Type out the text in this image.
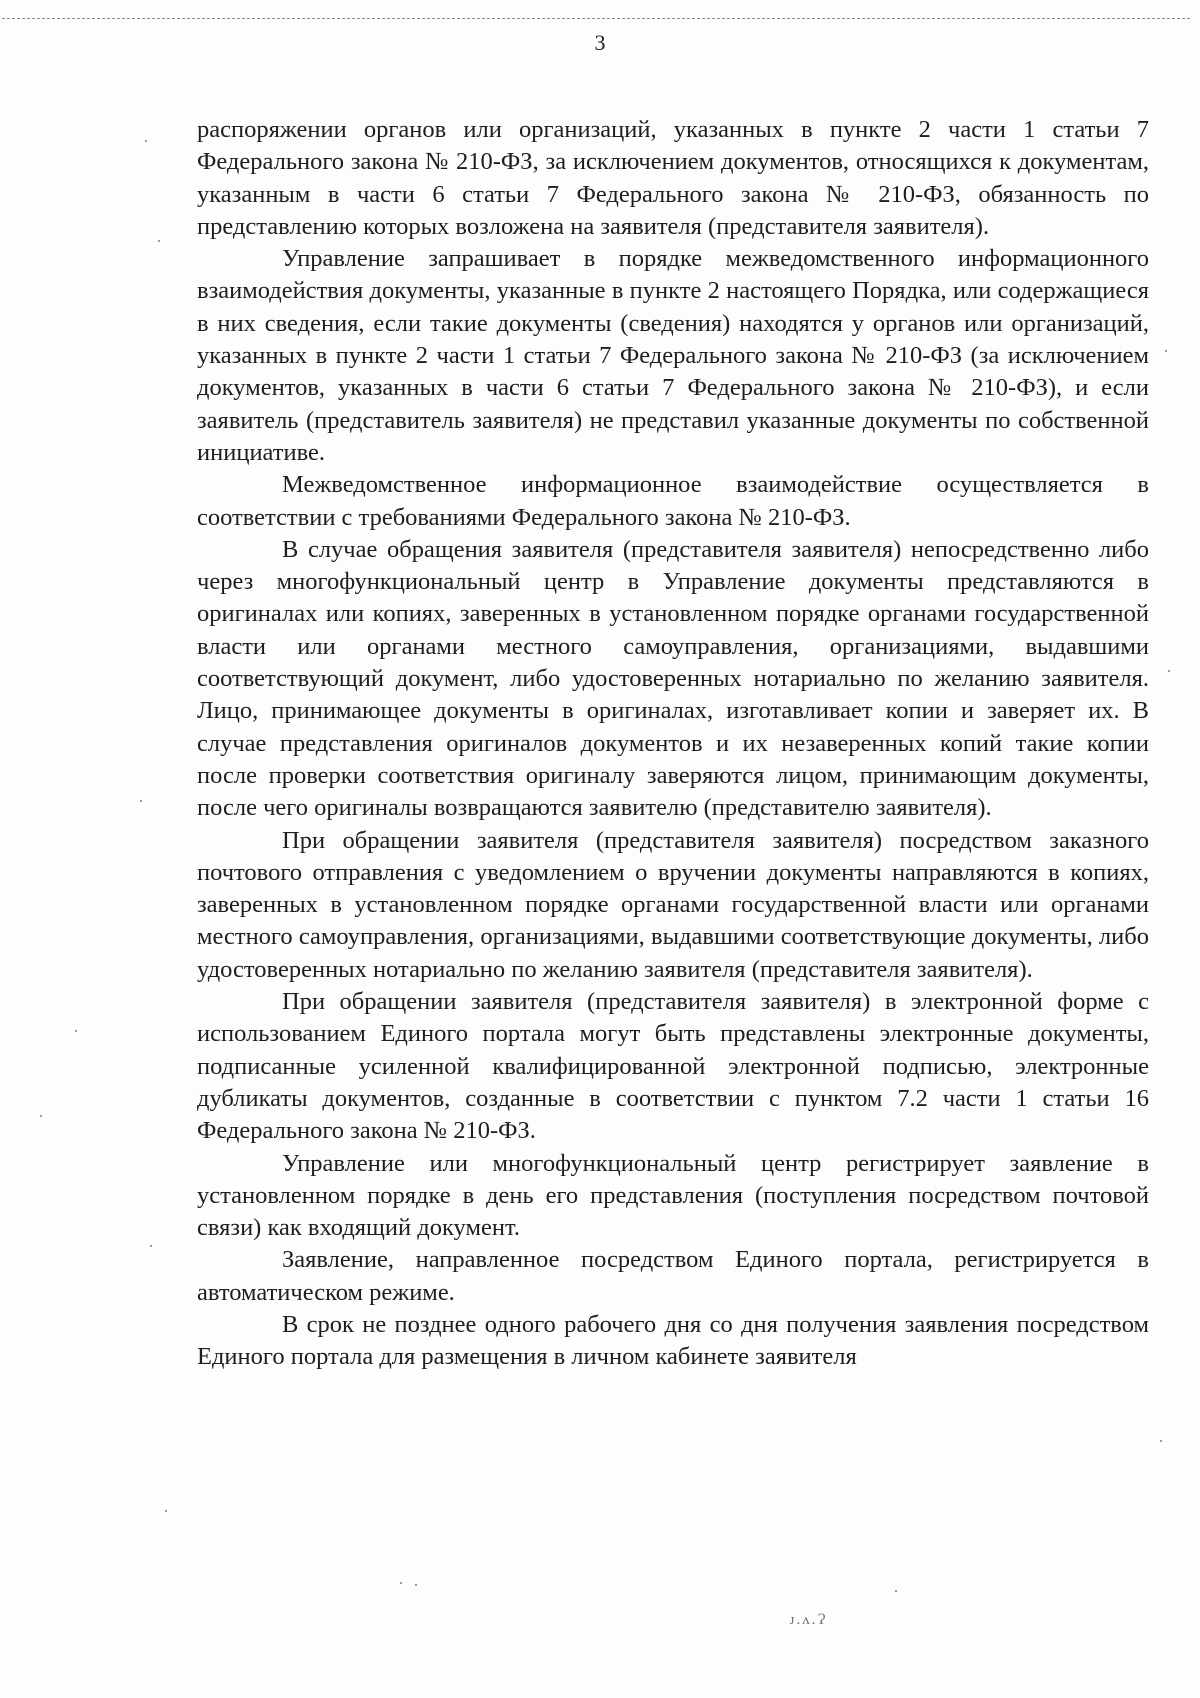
3

распоряжении органов или организаций, указанных в пункте 2 части 1 статьи 7 Федерального закона № 210-ФЗ, за исключением документов, относящихся к документам, указанным в части 6 статьи 7 Федерального закона № 210-ФЗ, обязанность по представлению которых возложена на заявителя (представителя заявителя).

Управление запрашивает в порядке межведомственного информационного взаимодействия документы, указанные в пункте 2 настоящего Порядка, или содержащиеся в них сведения, если такие документы (сведения) находятся у органов или организаций, указанных в пункте 2 части 1 статьи 7 Федерального закона № 210-ФЗ (за исключением документов, указанных в части 6 статьи 7 Федерального закона № 210-ФЗ), и если заявитель (представитель заявителя) не представил указанные документы по собственной инициативе.

Межведомственное информационное взаимодействие осуществляется в соответствии с требованиями Федерального закона № 210-ФЗ.

В случае обращения заявителя (представителя заявителя) непосредственно либо через многофункциональный центр в Управление документы представляются в оригиналах или копиях, заверенных в установленном порядке органами государственной власти или органами местного самоуправления, организациями, выдавшими соответствующий документ, либо удостоверенных нотариально по желанию заявителя. Лицо, принимающее документы в оригиналах, изготавливает копии и заверяет их. В случае представления оригиналов документов и их незаверенных копий такие копии после проверки соответствия оригиналу заверяются лицом, принимающим документы, после чего оригиналы возвращаются заявителю (представителю заявителя).

При обращении заявителя (представителя заявителя) посредством заказного почтового отправления с уведомлением о вручении документы направляются в копиях, заверенных в установленном порядке органами государственной власти или органами местного самоуправления, организациями, выдавшими соответствующие документы, либо удостоверенных нотариально по желанию заявителя (представителя заявителя).

При обращении заявителя (представителя заявителя) в электронной форме с использованием Единого портала могут быть представлены электронные документы, подписанные усиленной квалифицированной электронной подписью, электронные дубликаты документов, созданные в соответствии с пунктом 7.2 части 1 статьи 16 Федерального закона № 210-ФЗ.

Управление или многофункциональный центр регистрирует заявление в установленном порядке в день его представления (поступления посредством почтовой связи) как входящий документ.

Заявление, направленное посредством Единого портала, регистрируется в автоматическом режиме.

В срок не позднее одного рабочего дня со дня получения заявления посредством Единого портала для размещения в личном кабинете заявителя

ᴊ.ʌ.Ɂ
